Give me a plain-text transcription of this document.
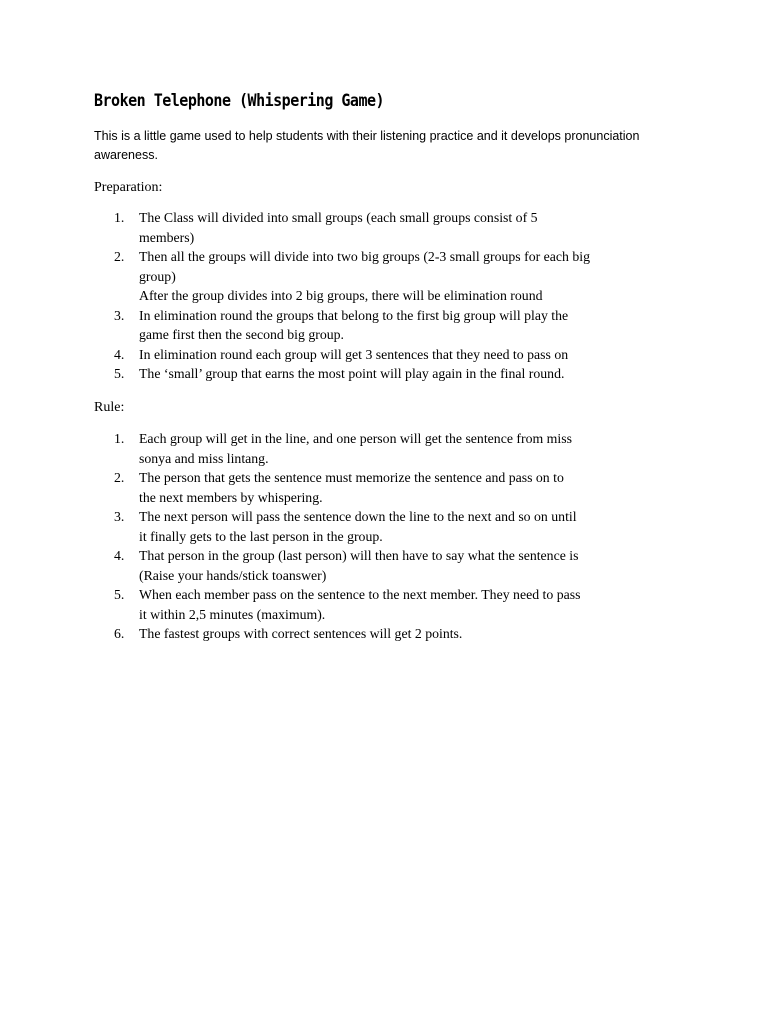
Broken Telephone (Whispering Game)

This is a little game used to help students with their listening practice and it develops pronunciation awareness.

Preparation:

1. The Class will divided into small groups (each small groups consist of 5
members)
2. Then all the groups will divide into two big groups (2-3 small groups for each big
group)
After the group divides into 2 big groups, there will be elimination round
3. In elimination round the groups that belong to the first big group will play the
game first then the second big group.
4. In elimination round each group will get 3 sentences that they need to pass on
5. The ‘small’ group that earns the most point will play again in the final round.

Rule:

1. Each group will get in the line, and one person will get the sentence from miss
sonya and miss lintang.
2. The person that gets the sentence must memorize the sentence and pass on to
the next members by whispering.
3. The next person will pass the sentence down the line to the next and so on until
it finally gets to the last person in the group.
4. That person in the group (last person) will then have to say what the sentence is
(Raise your hands/stick toanswer)
5. When each member pass on the sentence to the next member. They need to pass
it within 2,5 minutes (maximum).
6. The fastest groups with correct sentences will get 2 points.
